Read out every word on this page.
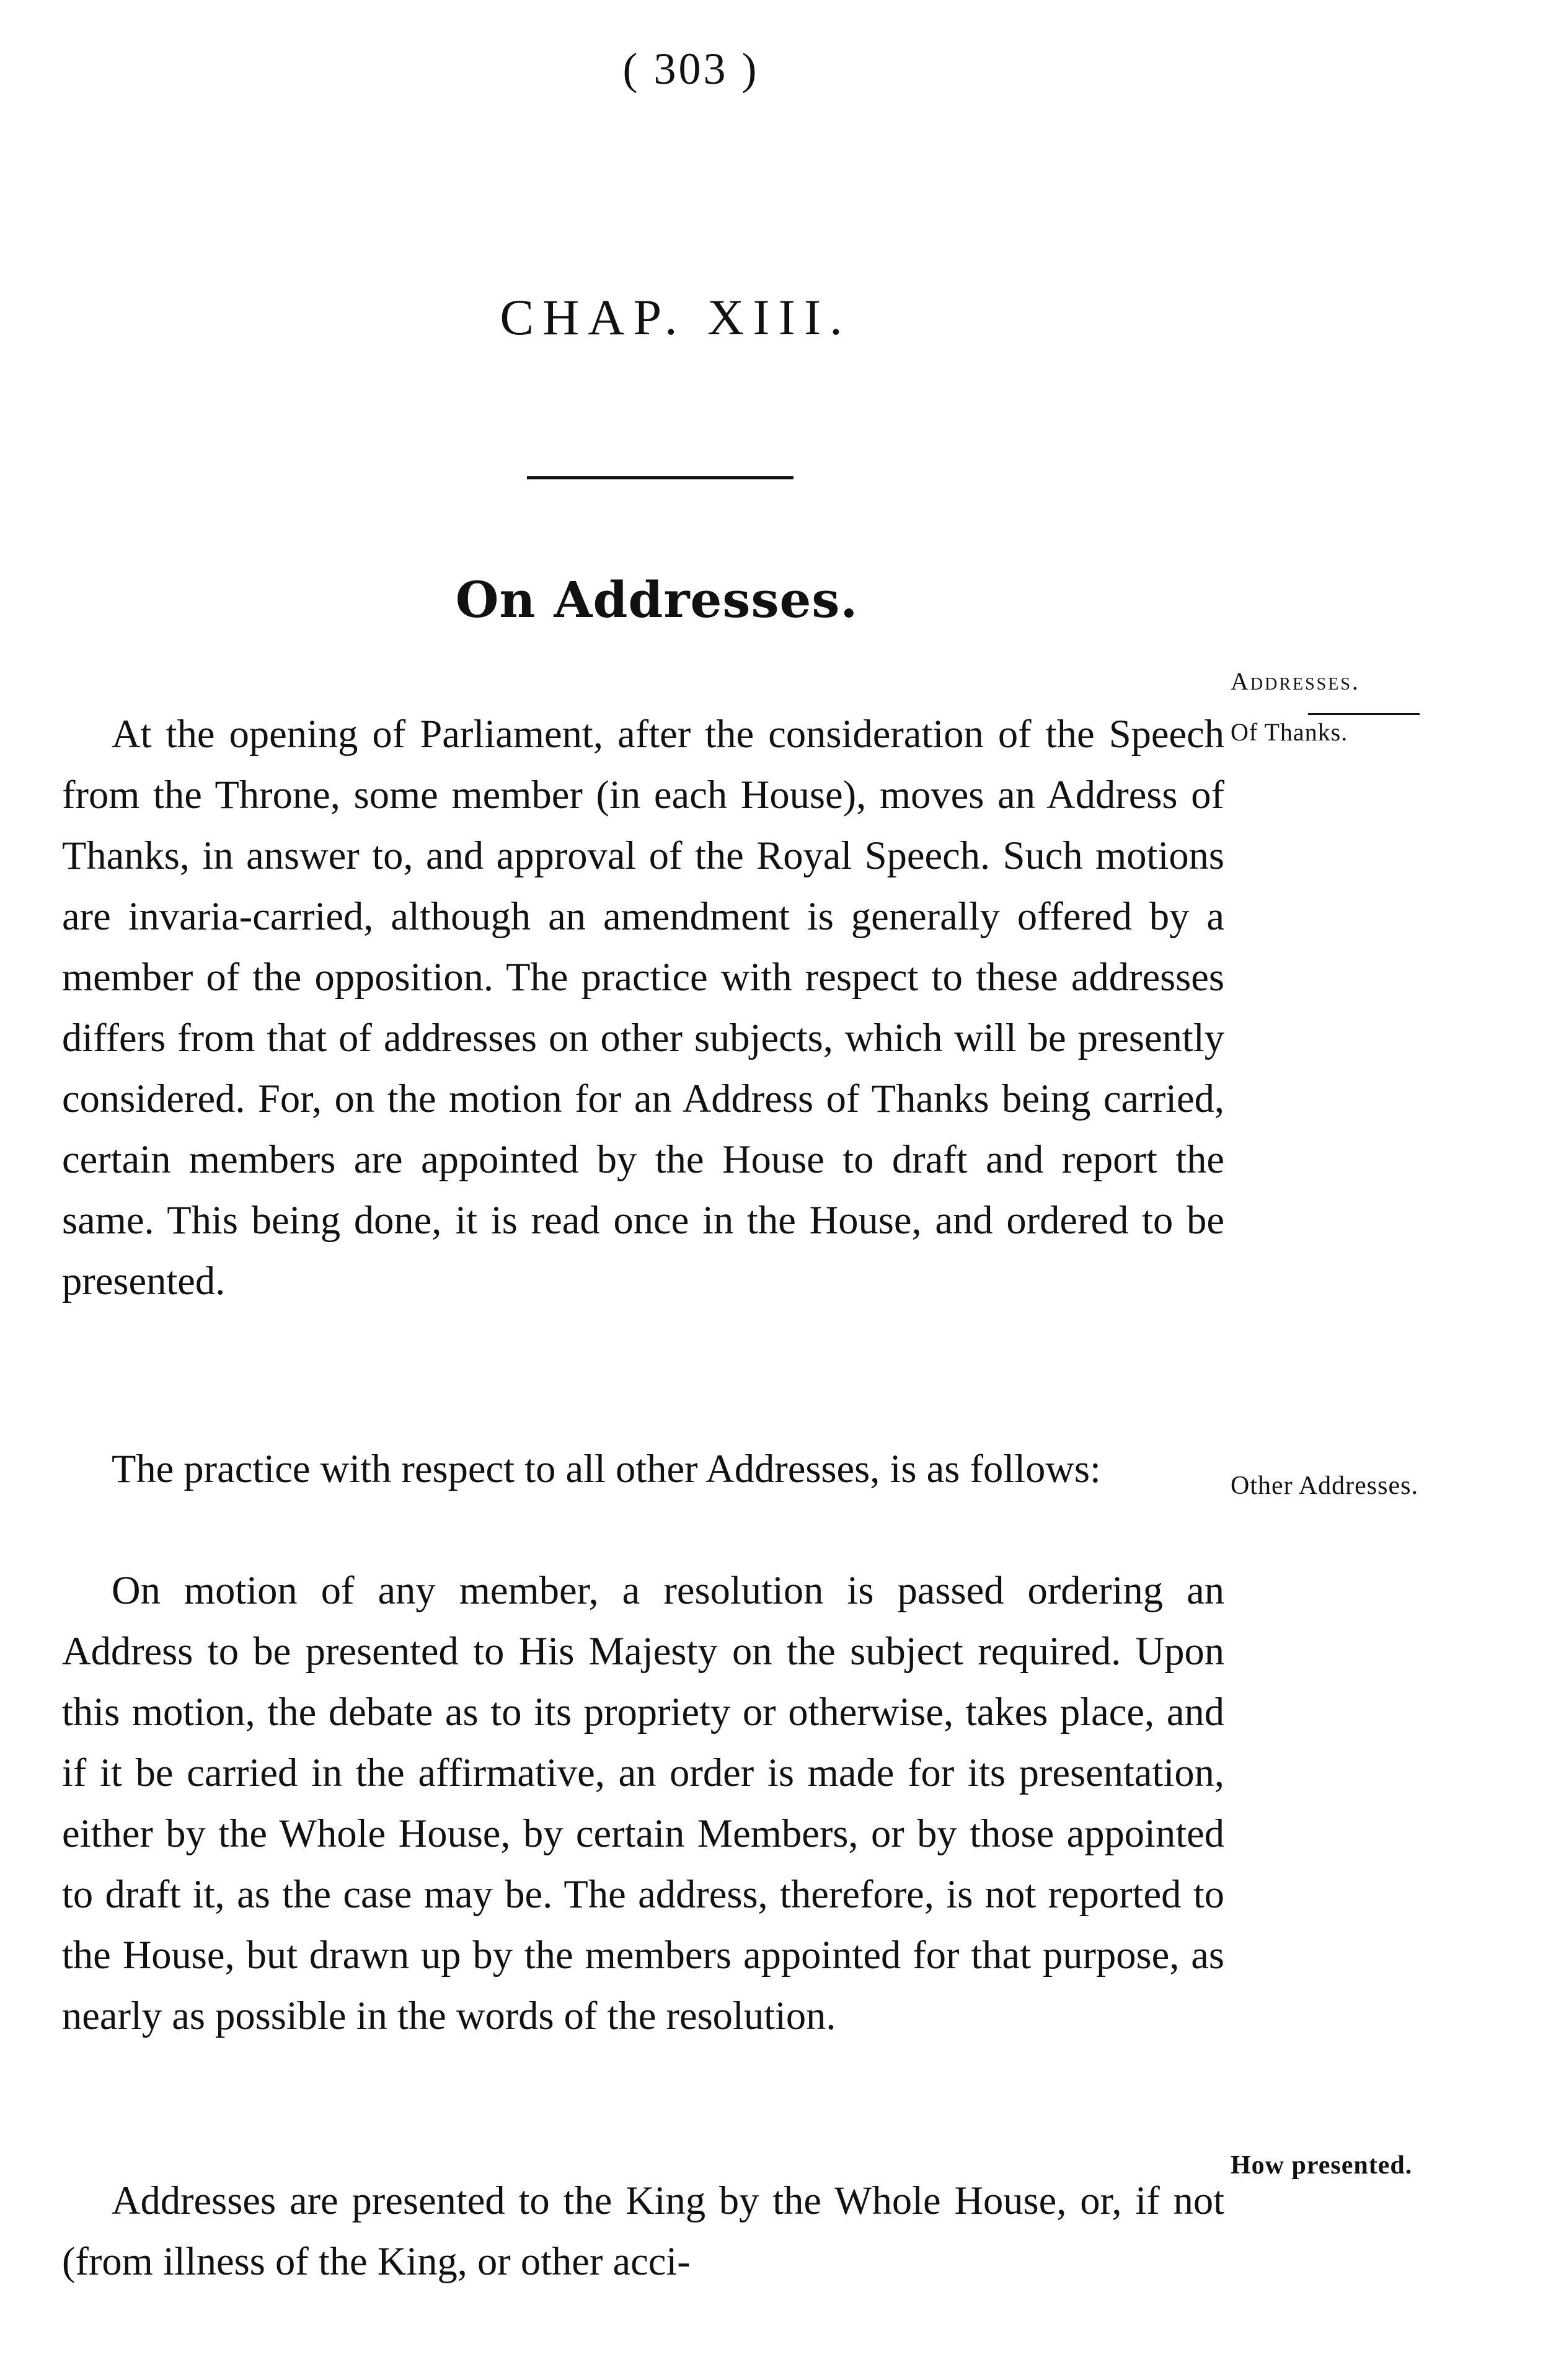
( 303 )
CHAP. XIII.
On Addresses.
Addresses.
Of Thanks.
Other Addresses.
How presented.

At the opening of Parliament, after the consideration of the Speech from the Throne, some member (in each House), moves an Address of Thanks, in answer to, and approval of the Royal Speech. Such motions are invaria-carried, although an amendment is generally offered by a member of the opposition. The practice with respect to these addresses differs from that of addresses on other subjects, which will be presently considered. For, on the motion for an Address of Thanks being carried, certain members are appointed by the House to draft and report the same. This being done, it is read once in the House, and ordered to be presented.

The practice with respect to all other Addresses, is as follows:

On motion of any member, a resolution is passed ordering an Address to be presented to His Majesty on the subject required. Upon this motion, the debate as to its propriety or otherwise, takes place, and if it be carried in the affirmative, an order is made for its presentation, either by the Whole House, by certain Members, or by those appointed to draft it, as the case may be. The address, therefore, is not reported to the House, but drawn up by the members appointed for that purpose, as nearly as possible in the words of the resolution.

Addresses are presented to the King by the Whole House, or, if not (from illness of the King, or other acci-
